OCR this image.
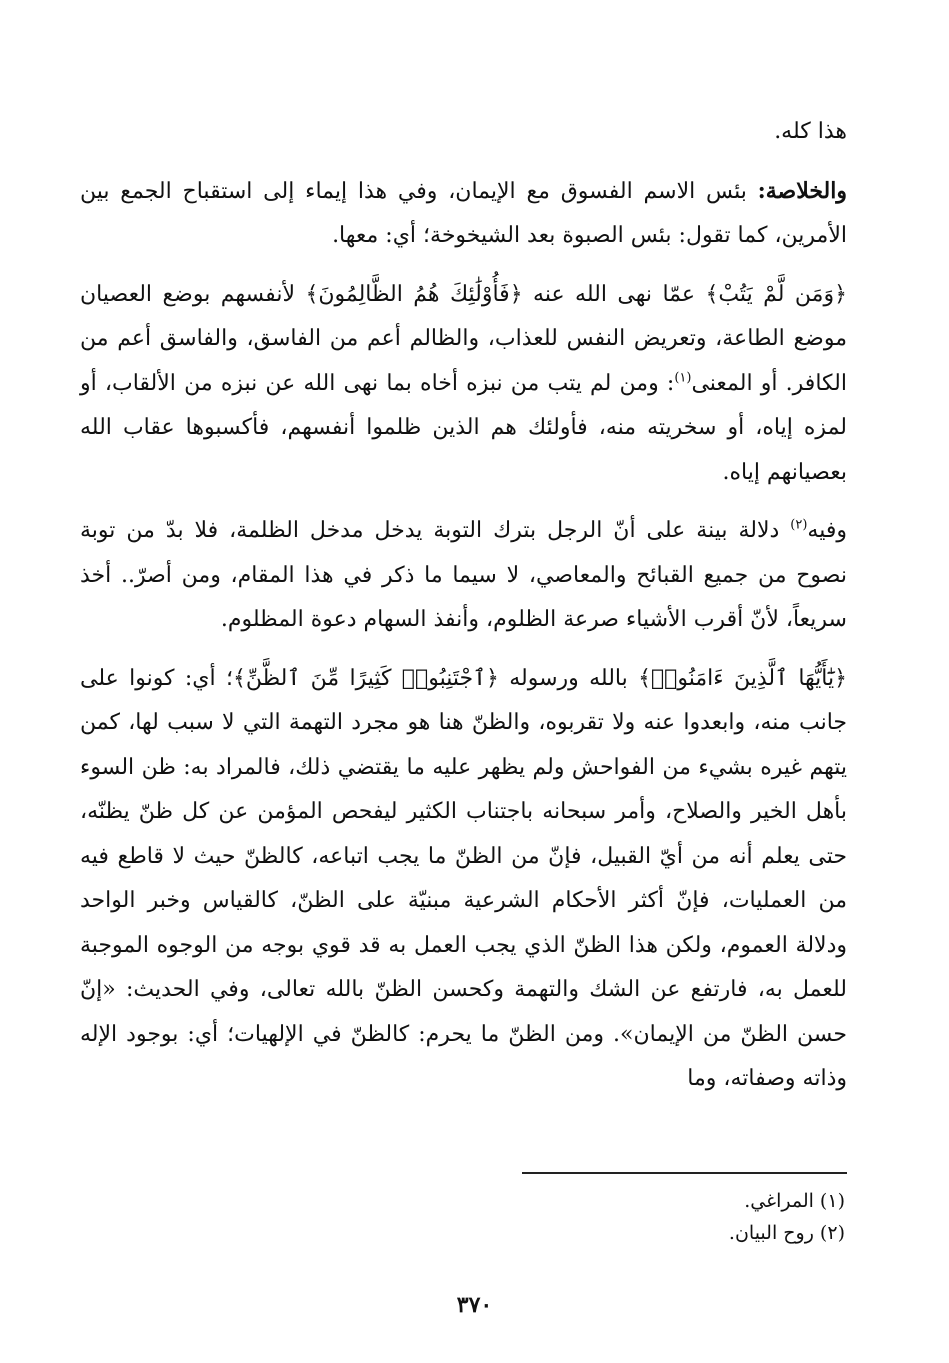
هذا كله.

والخلاصة: بئس الاسم الفسوق مع الإيمان، وفي هذا إيماء إلى استقباح الجمع بين الأمرين، كما تقول: بئس الصبوة بعد الشيخوخة؛ أي: معها.

﴿وَمَن لَّمْ يَتُبْ﴾ عمّا نهى الله عنه ﴿فَأُوْلَٰئِكَ هُمُ الظَّالِمُونَ﴾ لأنفسهم بوضع العصيان موضع الطاعة، وتعريض النفس للعذاب، والظالم أعم من الفاسق، والفاسق أعم من الكافر. أو المعنى$^{(١)}$: ومن لم يتب من نبزه أخاه بما نهى الله عن نبزه من الألقاب، أو لمزه إياه، أو سخريته منه، فأولئك هم الذين ظلموا أنفسهم، فأكسبوها عقاب الله بعصيانهم إياه.

وفيه$^{(٢)}$ دلالة بينة على أنّ الرجل بترك التوبة يدخل مدخل الظلمة، فلا بدّ من توبة نصوح من جميع القبائح والمعاصي، لا سيما ما ذكر في هذا المقام، ومن أصرّ.. أخذ سريعاً، لأنّ أقرب الأشياء صرعة الظلوم، وأنفذ السهام دعوة المظلوم.

﴿يَٰٓأَيُّهَا ٱلَّذِينَ ءَامَنُوا۟﴾ بالله ورسوله ﴿ٱجْتَنِبُوا۟ كَثِيرًا مِّنَ ٱلظَّنِّ﴾؛ أي: كونوا على جانب منه، وابعدوا عنه ولا تقربوه، والظنّ هنا هو مجرد التهمة التي لا سبب لها، كمن يتهم غيره بشيء من الفواحش ولم يظهر عليه ما يقتضي ذلك، فالمراد به: ظن السوء بأهل الخير والصلاح، وأمر سبحانه باجتناب الكثير ليفحص المؤمن عن كل ظنّ يظنّه، حتى يعلم أنه من أيّ القبيل، فإنّ من الظنّ ما يجب اتباعه، كالظنّ حيث لا قاطع فيه من العمليات، فإنّ أكثر الأحكام الشرعية مبنيّة على الظنّ، كالقياس وخبر الواحد ودلالة العموم، ولكن هذا الظنّ الذي يجب العمل به قد قوي بوجه من الوجوه الموجبة للعمل به، فارتفع عن الشك والتهمة وكحسن الظنّ بالله تعالى، وفي الحديث: «إنّ حسن الظنّ من الإيمان». ومن الظنّ ما يحرم: كالظنّ في الإلهيات؛ أي: بوجود الإله وذاته وصفاته، وما

(١) المراغي.
(٢) روح البيان.
٣٧٠
